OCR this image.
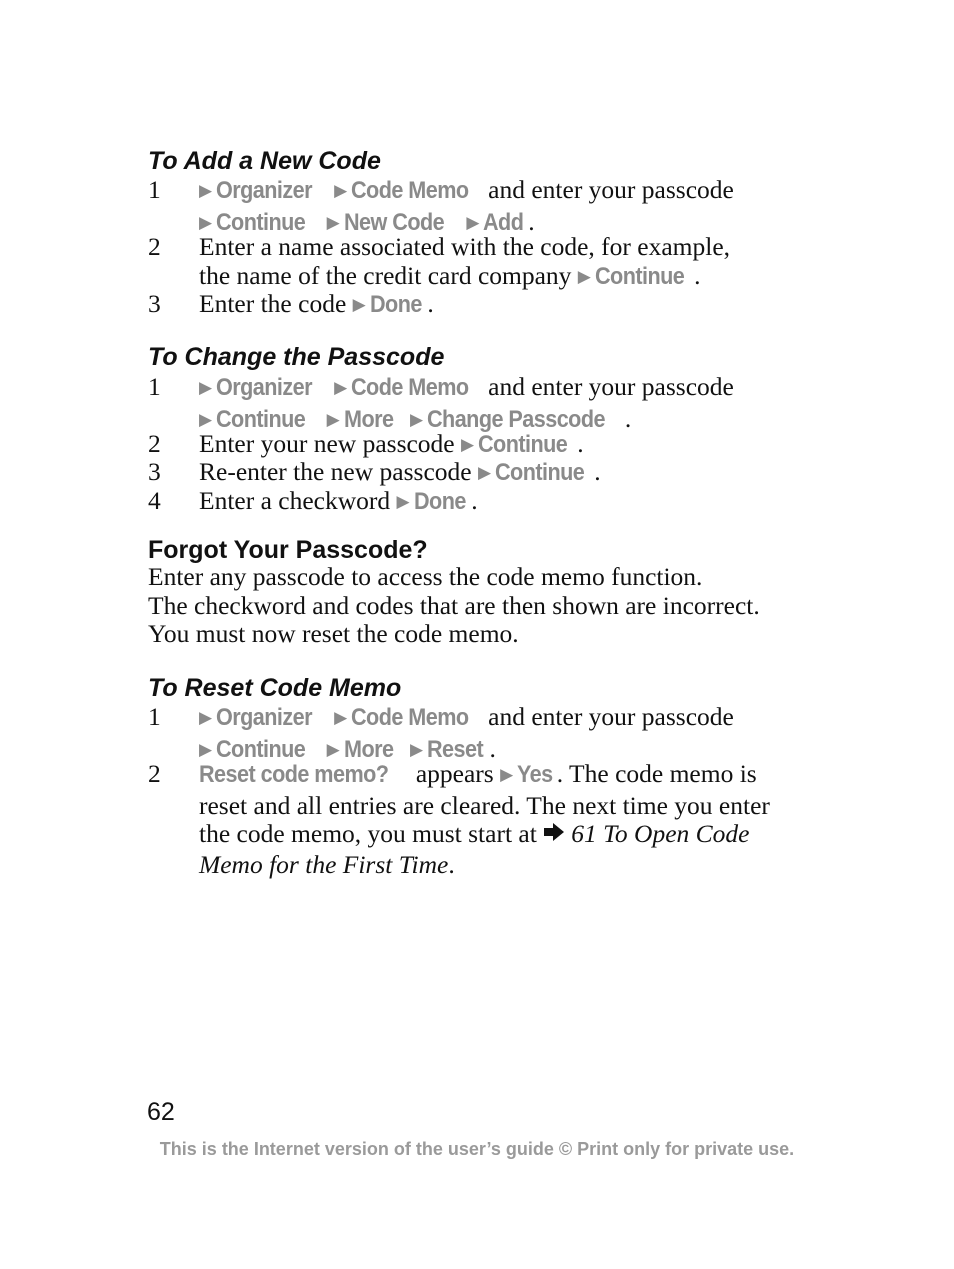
To Add a New Code
1 ▶ Organizer ▶ Code Memo and enter your passcode
▶ Continue ▶ New Code ▶ Add .
2 Enter a name associated with the code, for example,
the name of the credit card company ▶ Continue .
3 Enter the code ▶ Done .
To Change the Passcode
1 ▶ Organizer ▶ Code Memo and enter your passcode
▶ Continue ▶ More ▶ Change Passcode .
2 Enter your new passcode ▶ Continue .
3 Re-enter the new passcode ▶ Continue .
4 Enter a checkword ▶ Done .
Forgot Your Passcode?
Enter any passcode to access the code memo function.
The checkword and codes that are then shown are incorrect.
You must now reset the code memo.
To Reset Code Memo
1 ▶ Organizer ▶ Code Memo and enter your passcode
▶ Continue ▶ More ▶ Reset .
2 Reset code memo? appears ▶ Yes . The code memo is
reset and all entries are cleared. The next time you enter
the code memo, you must start at 61 To Open Code
Memo for the First Time.
62
This is the Internet version of the user’s guide © Print only for private use.
